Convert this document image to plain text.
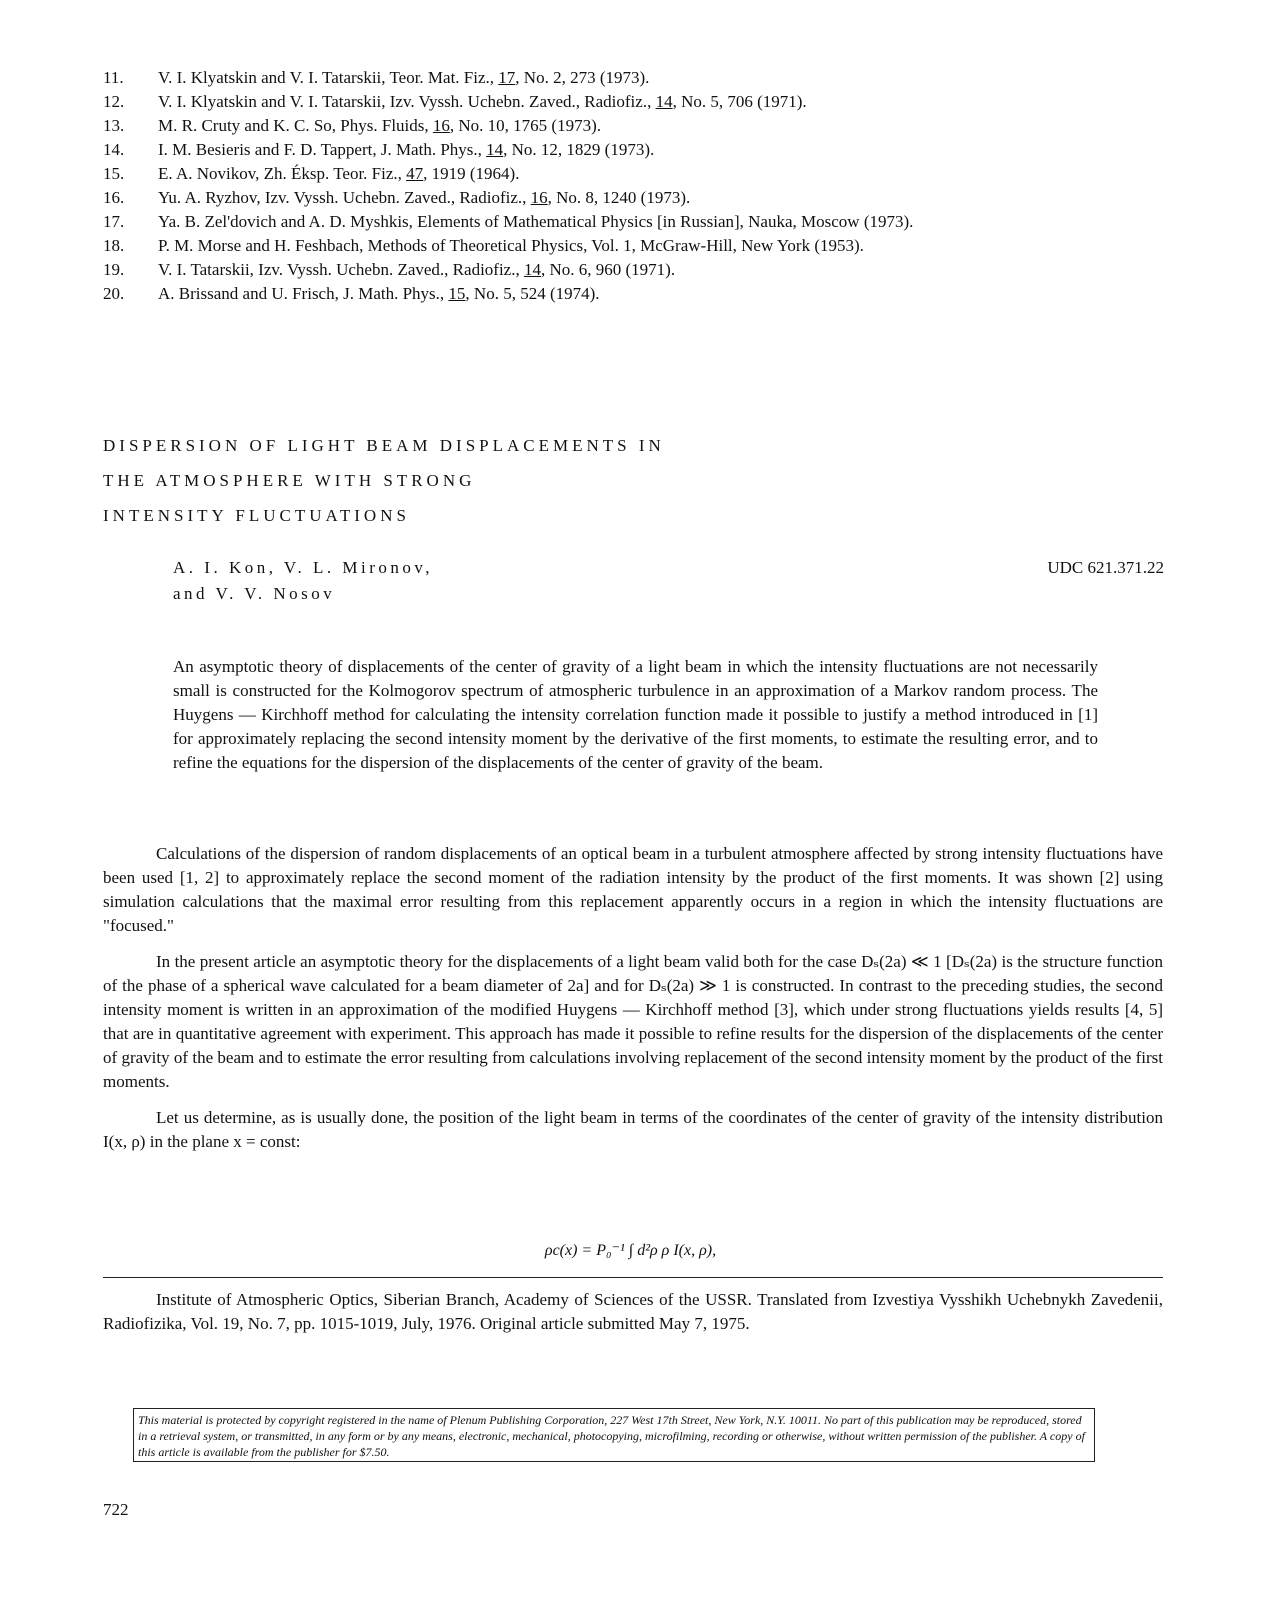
11.	V. I. Klyatskin and V. I. Tatarskii, Teor. Mat. Fiz., 17, No. 2, 273 (1973).
12.	V. I. Klyatskin and V. I. Tatarskii, Izv. Vyssh. Uchebn. Zaved., Radiofiz., 14, No. 5, 706 (1971).
13.	M. R. Cruty and K. C. So, Phys. Fluids, 16, No. 10, 1765 (1973).
14.	I. M. Besieris and F. D. Tappert, J. Math. Phys., 14, No. 12, 1829 (1973).
15.	E. A. Novikov, Zh. Éksp. Teor. Fiz., 47, 1919 (1964).
16.	Yu. A. Ryzhov, Izv. Vyssh. Uchebn. Zaved., Radiofiz., 16, No. 8, 1240 (1973).
17.	Ya. B. Zel'dovich and A. D. Myshkis, Elements of Mathematical Physics [in Russian], Nauka, Moscow (1973).
18.	P. M. Morse and H. Feshbach, Methods of Theoretical Physics, Vol. 1, McGraw-Hill, New York (1953).
19.	V. I. Tatarskii, Izv. Vyssh. Uchebn. Zaved., Radiofiz., 14, No. 6, 960 (1971).
20.	A. Brissand and U. Frisch, J. Math. Phys., 15, No. 5, 524 (1974).
DISPERSION OF LIGHT BEAM DISPLACEMENTS IN
THE ATMOSPHERE WITH STRONG
INTENSITY FLUCTUATIONS
A. I. Kon, V. L. Mironov,
and V. V. Nosov
UDC 621.371.22
An asymptotic theory of displacements of the center of gravity of a light beam in which the intensity fluctuations are not necessarily small is constructed for the Kolmogorov spectrum of atmospheric turbulence in an approximation of a Markov random process. The Huygens — Kirchhoff method for calculating the intensity correlation function made it possible to justify a method introduced in [1] for approximately replacing the second intensity moment by the derivative of the first moments, to estimate the resulting error, and to refine the equations for the dispersion of the displacements of the center of gravity of the beam.

Calculations of the dispersion of random displacements of an optical beam in a turbulent atmosphere affected by strong intensity fluctuations have been used [1, 2] to approximately replace the second moment of the radiation intensity by the product of the first moments. It was shown [2] using simulation calculations that the maximal error resulting from this replacement apparently occurs in a region in which the intensity fluctuations are "focused."

In the present article an asymptotic theory for the displacements of a light beam valid both for the case Dₛ(2a) ≪ 1 [Dₛ(2a) is the structure function of the phase of a spherical wave calculated for a beam diameter of 2a] and for Dₛ(2a) ≫ 1 is constructed. In contrast to the preceding studies, the second intensity moment is written in an approximation of the modified Huygens — Kirchhoff method [3], which under strong fluctuations yields results [4, 5] that are in quantitative agreement with experiment. This approach has made it possible to refine results for the dispersion of the displacements of the center of gravity of the beam and to estimate the error resulting from calculations involving replacement of the second intensity moment by the product of the first moments.

Let us determine, as is usually done, the position of the light beam in terms of the coordinates of the center of gravity of the intensity distribution I(x, ρ) in the plane x = const:

ρc(x) = P₀⁻¹ ∫ d²ρ ρ I(x, ρ),
Institute of Atmospheric Optics, Siberian Branch, Academy of Sciences of the USSR. Translated from Izvestiya Vysshikh Uchebnykh Zavedenii, Radiofizika, Vol. 19, No. 7, pp. 1015-1019, July, 1976. Original article submitted May 7, 1975.
This material is protected by copyright registered in the name of Plenum Publishing Corporation, 227 West 17th Street, New York, N.Y. 10011. No part of this publication may be reproduced, stored in a retrieval system, or transmitted, in any form or by any means, electronic, mechanical, photocopying, microfilming, recording or otherwise, without written permission of the publisher. A copy of this article is available from the publisher for $7.50.
722
